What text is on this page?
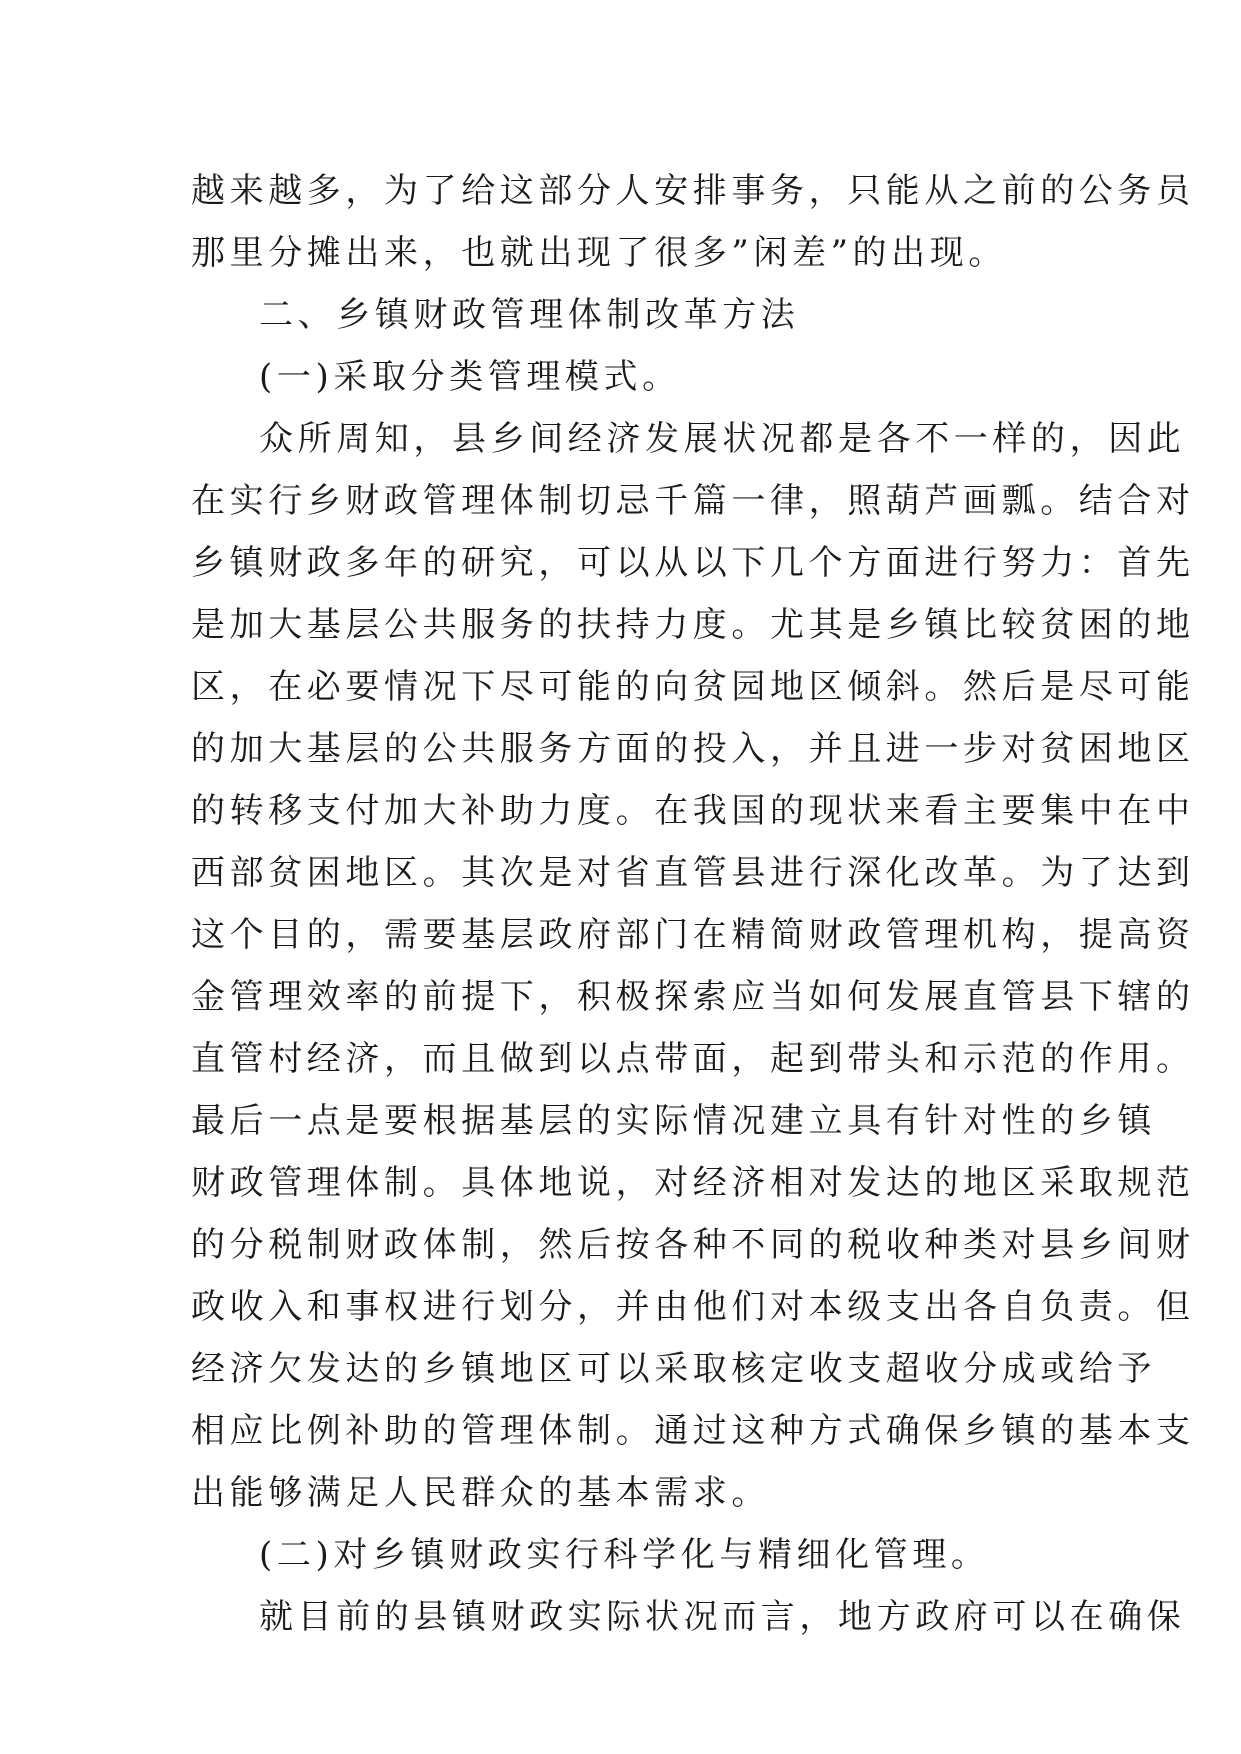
越来越多，为了给这部分人安排事务，只能从之前的公务员
那里分摊出来，也就出现了很多”闲差”的出现。
二、乡镇财政管理体制改革方法
(一)采取分类管理模式。
众所周知，县乡间经济发展状况都是各不一样的，因此
在实行乡财政管理体制切忌千篇一律，照葫芦画瓢。结合对
乡镇财政多年的研究，可以从以下几个方面进行努力：首先
是加大基层公共服务的扶持力度。尤其是乡镇比较贫困的地
区，在必要情况下尽可能的向贫园地区倾斜。然后是尽可能
的加大基层的公共服务方面的投入，并且进一步对贫困地区
的转移支付加大补助力度。在我国的现状来看主要集中在中
西部贫困地区。其次是对省直管县进行深化改革。为了达到
这个目的，需要基层政府部门在精简财政管理机构，提高资
金管理效率的前提下，积极探索应当如何发展直管县下辖的
直管村经济，而且做到以点带面，起到带头和示范的作用。
最后一点是要根据基层的实际情况建立具有针对性的乡镇
财政管理体制。具体地说，对经济相对发达的地区采取规范
的分税制财政体制，然后按各种不同的税收种类对县乡间财
政收入和事权进行划分，并由他们对本级支出各自负责。但
经济欠发达的乡镇地区可以采取核定收支超收分成或给予
相应比例补助的管理体制。通过这种方式确保乡镇的基本支
出能够满足人民群众的基本需求。
(二)对乡镇财政实行科学化与精细化管理。
就目前的县镇财政实际状况而言，地方政府可以在确保
